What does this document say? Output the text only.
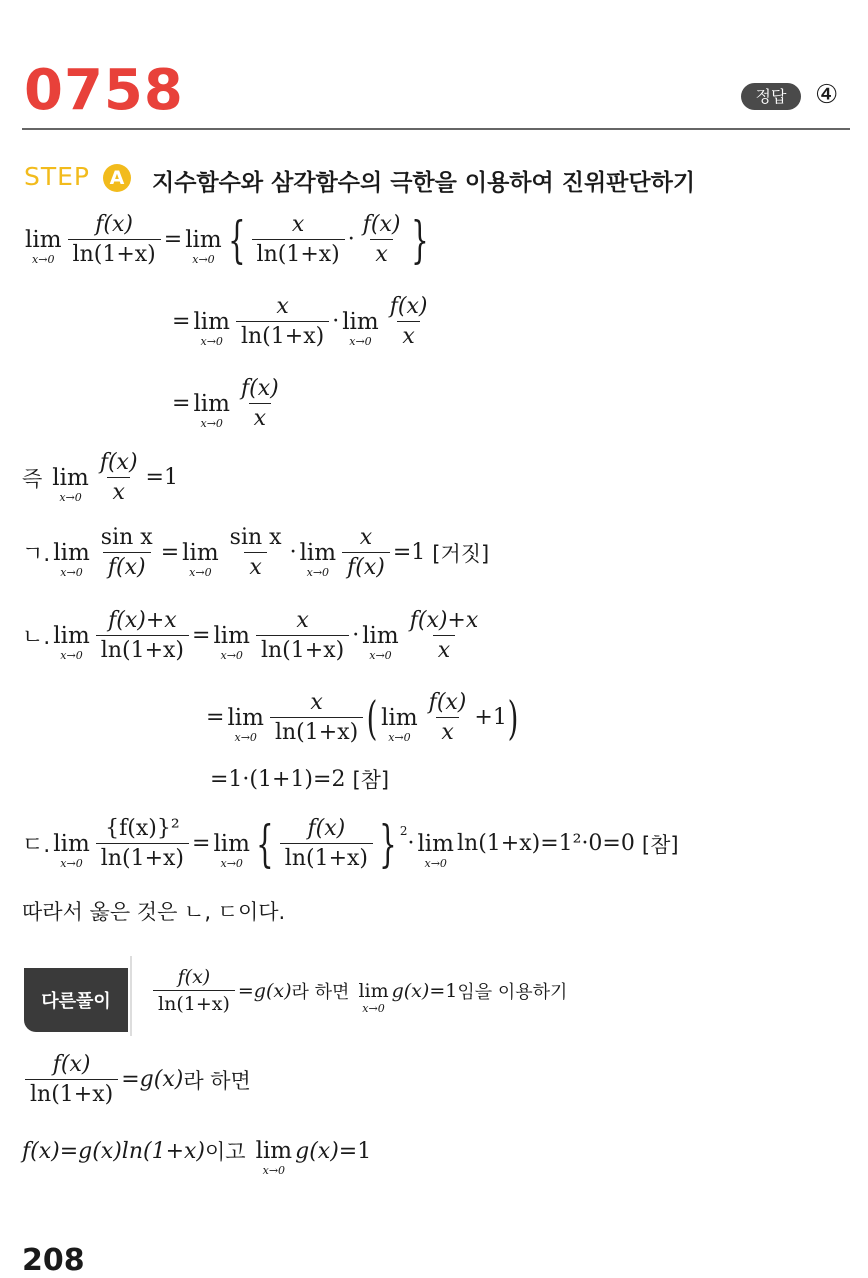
0758	정답	④
STEP	A 지수함수와 삼각함수의 극한을 이용하여 진위판단하기
lim
$x\to 0 \frac{f(x)}{\ln(1+x)} = \lim$
x→0 { $\frac{x}{\ln(1+x)} \cdot \frac{f(x)}{x}$ }
= lim
$x\to 0 \frac{x}{\ln(1+x)} \cdot \lim$
$x\to 0 \frac{f(x)}{x}$
= lim
$x\to 0 \frac{f(x)}{x}$
즉
lim
$x\to 0 \frac{f(x)}{x} = 1$
ㄱ. lim
$x\to 0 \frac{\text{sin x}}{f(x)} = \lim$
$x\to 0 \frac{\text{sin x}}{x} \cdot \lim$
$x\to 0 \frac{x}{f(x)} = 1$
[거짓]
ㄴ. lim
$x\to 0 \frac{f(x)+x}{\ln(1+x)} = \lim$
$x\to 0 \frac{x}{\ln(1+x)} \cdot \lim$
$x\to 0 \frac{f(x)+x}{x}$
= lim
$x\to 0 \frac{x}{\ln(1+x)}$ ( lim
$x\to 0 \frac{f(x)}{x} +1$ )
=1·(1+1)=2
[참]
ㄷ. lim
$x\to 0 \frac{\text{\{f(x)\}²}}{\ln(1+x)} = \lim$
x→0 { $\frac{f(x)}{\ln(1+x)}$ } $^2$ · lim
x→0
ln(1+x)=1²·0=0
[참]
따라서 옳은 것은 ㄴ, ㄷ이다.
다른풀이	$\frac{f(x)}{\ln(1+x)} = g(x)$ 라 하면
lim
x→0
g(x) = 1 임을 이용하기
$\frac{f(x)}{\ln(1+x)} = g(x)$ 라 하면
f(x)=g(x)ln(1+x) 이고
lim
x→0
g(x) = 1
208
